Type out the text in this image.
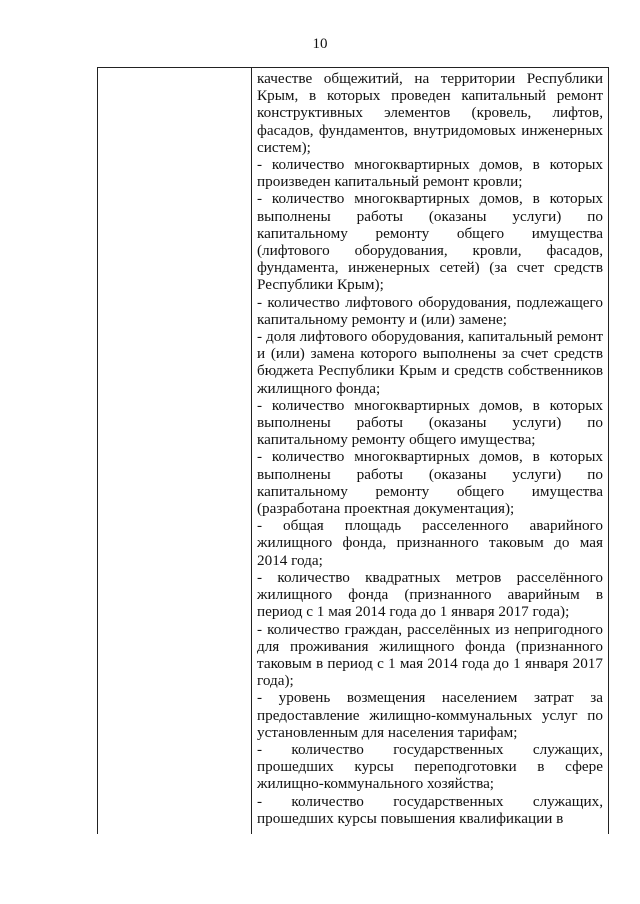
10

качестве общежитий, на территории Республики Крым, в которых проведен капитальный ремонт конструктивных элементов (кровель, лифтов, фасадов, фундаментов, внутридомовых инженерных систем);

- количество многоквартирных домов, в которых произведен капитальный ремонт кровли;

- количество многоквартирных домов, в которых выполнены работы (оказаны услуги) по капитальному ремонту общего имущества (лифтового оборудования, кровли, фасадов, фундамента, инженерных сетей) (за счет средств Республики Крым);

- количество лифтового оборудования, подлежащего капитальному ремонту и (или) замене;

- доля лифтового оборудования, капитальный ремонт и (или) замена которого выполнены за счет средств бюджета Республики Крым и средств собственников жилищного фонда;

- количество многоквартирных домов, в которых выполнены работы (оказаны услуги) по капитальному ремонту общего имущества;

- количество многоквартирных домов, в которых выполнены работы (оказаны услуги) по капитальному ремонту общего имущества (разработана проектная документация);

- общая площадь расселенного аварийного жилищного фонда, признанного таковым до мая 2014 года;

- количество квадратных метров расселённого жилищного фонда (признанного аварийным в период с 1 мая 2014 года до 1 января 2017 года);

- количество граждан, расселённых из непригодного для проживания жилищного фонда (признанного таковым в период с 1 мая 2014 года до 1 января 2017 года);

- уровень возмещения населением затрат за предоставление жилищно-коммунальных услуг по установленным для населения тарифам;

- количество государственных служащих, прошедших курсы переподготовки в сфере жилищно-коммунального хозяйства;

- количество государственных служащих, прошедших курсы повышения квалификации в
